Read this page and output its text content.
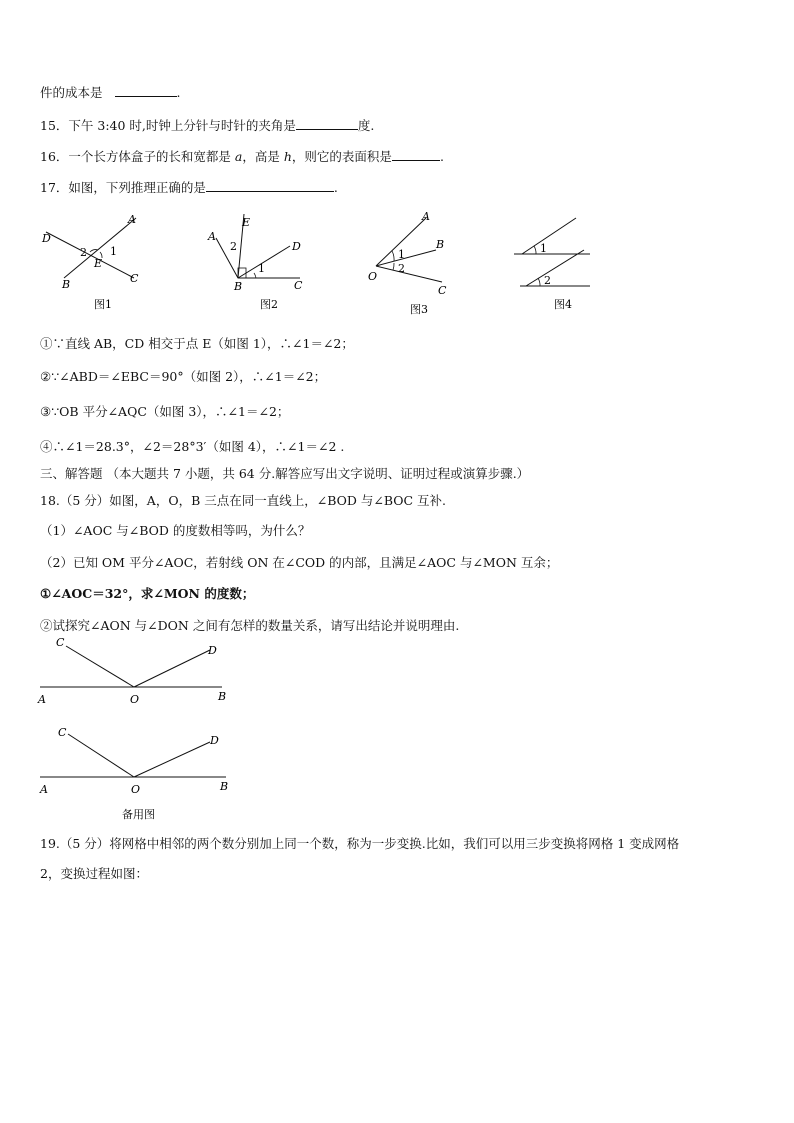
件的成本是	.
15．下午 3:40 时,时钟上分针与时针的夹角是	度.
16．一个长方体盒子的长和宽都是 a，高是 h，则它的表面积是	.
17．如图，下列推理正确的是	.
A
D
B	C
E
1
2
图1
E
A
D
B	C
1
2
图2
A
B
O
C
1
2
图3
1
2
图4
①∵直线 AB，CD 相交于点 E（如图 1），∴∠1＝∠2；
②∵∠ABD＝∠EBC＝90°（如图 2），∴∠1＝∠2；
③∵OB 平分∠AQC（如图 3），∴∠1＝∠2；
④∴∠1＝28.3°，∠2＝28°3′（如图 4），∴∠1＝∠2 .
三、解答题 （本大题共 7 小题，共 64 分.解答应写出文字说明、证明过程或演算步骤.）
18.（5 分）如图，A，O，B 三点在同一直线上，∠BOD 与∠BOC 互补.
（1）∠AOC 与∠BOD 的度数相等吗，为什么？
（2）已知 OM 平分∠AOC，若射线 ON 在∠COD 的内部，且满足∠AOC 与∠MON 互余；
①∠AOC＝32°，求∠MON 的度数；
②试探究∠AON 与∠DON 之间有怎样的数量关系，请写出结论并说明理由.
C
D
A	O	B
C
D
A	O	B
备用图
19.（5 分）将网格中相邻的两个数分别加上同一个数，称为一步变换.比如，我们可以用三步变换将网格 1 变成网格
2，变换过程如图：
